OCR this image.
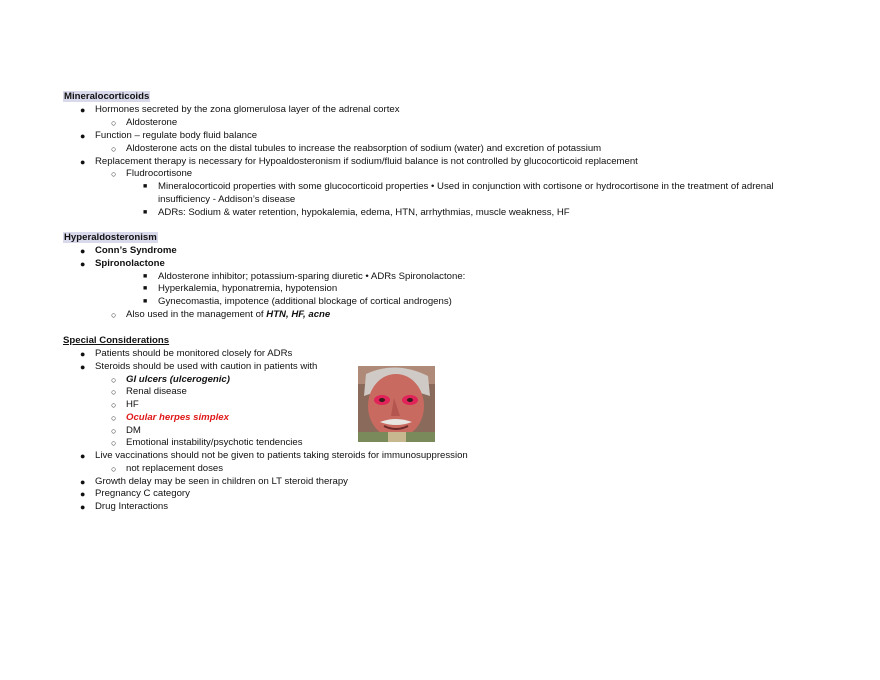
Mineralocorticoids
● Hormones secreted by the zona glomerulosa layer of the adrenal cortex
○ Aldosterone
● Function – regulate body fluid balance
○ Aldosterone acts on the distal tubules to increase the reabsorption of sodium (water) and excretion of potassium
● Replacement therapy is necessary for Hypoaldosteronism if sodium/fluid balance is not controlled by glucocorticoid replacement
○ Fludrocortisone
■ Mineralocorticoid properties with some glucocorticoid properties • Used in conjunction with cortisone or hydrocortisone in the treatment of adrenal
insufficiency - Addison’s disease
■ ADRs: Sodium & water retention, hypokalemia, edema, HTN, arrhythmias, muscle weakness, HF
Hyperaldosteronism
● Conn’s Syndrome
● Spironolactone
■ Aldosterone inhibitor; potassium-sparing diuretic • ADRs Spironolactone:
■ Hyperkalemia, hyponatremia, hypotension
■ Gynecomastia, impotence (additional blockage of cortical androgens)
○ Also used in the management of HTN, HF, acne
Special Considerations
● Patients should be monitored closely for ADRs
● Steroids should be used with caution in patients with
○ GI ulcers (ulcerogenic)
○ Renal disease
○ HF
○ Ocular herpes simplex
○ DM
○ Emotional instability/psychotic tendencies
● Live vaccinations should not be given to patients taking steroids for immunosuppression
○ not replacement doses
● Growth delay may be seen in children on LT steroid therapy
● Pregnancy C category
● Drug Interactions
